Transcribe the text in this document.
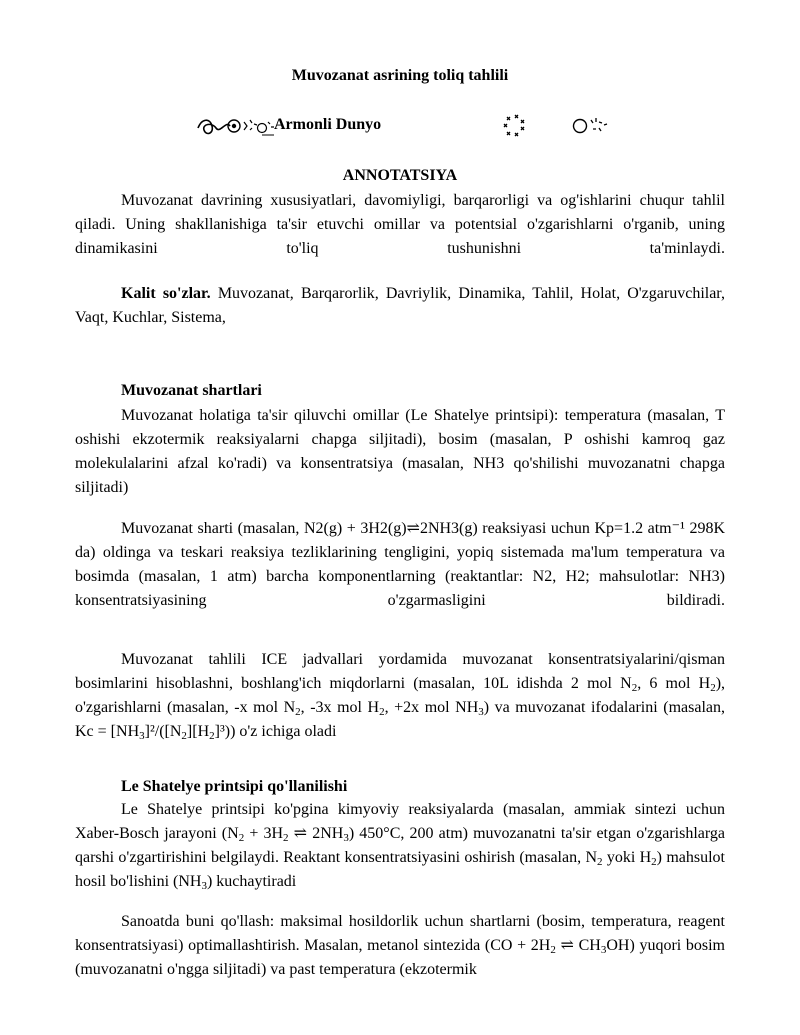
Muvozanat asrining toliq tahlili
Armonli Dunyo
ANNOTATSIYA
Muvozanat davrining xususiyatlari, davomiyligi, barqarorligi va og'ishlarini chuqur tahlil qiladi. Uning shakllanishiga ta'sir etuvchi omillar va potentsial o'zgarishlarni o'rganib, uning dinamikasini to'liq tushunishni ta'minlaydi.
Kalit so'zlar. Muvozanat, Barqarorlik, Davriylik, Dinamika, Tahlil, Holat, O'zgaruvchilar, Vaqt, Kuchlar, Sistema,
Muvozanat shartlari
Muvozanat holatiga ta'sir qiluvchi omillar (Le Shatelye printsipi): temperatura (masalan, T oshishi ekzotermik reaksiyalarni chapga siljitadi), bosim (masalan, P oshishi kamroq gaz molekulalarini afzal ko'radi) va konsentratsiya (masalan, NH3 qo'shilishi muvozanatni chapga siljitadi)
Muvozanat sharti (masalan, N2(g) + 3H2(g)⇌2NH3(g) reaksiyasi uchun Kp=1.2 atm⁻¹ 298K da) oldinga va teskari reaksiya tezliklarining tengligini, yopiq sistemada ma'lum temperatura va bosimda (masalan, 1 atm) barcha komponentlarning (reaktantlar: N2, H2; mahsulotlar: NH3) konsentratsiyasining o'zgarmasligini bildiradi.
Muvozanat tahlili ICE jadvallari yordamida muvozanat konsentratsiyalarini/qisman bosimlarini hisoblashni, boshlang'ich miqdorlarni (masalan, 10L idishda 2 mol $N_2$, 6 mol $H_2$), o'zgarishlarni (masalan, -x mol $N_2$, -3x mol $H_2$, +2x mol $NH_3$) va muvozanat ifodalarini (masalan, $Kc = [NH_3]^2/([N_2][H_2]^3)$) o'z ichiga oladi
Le Shatelye printsipi qo'llanilishi
Le Shatelye printsipi ko'pgina kimyoviy reaksiyalarda (masalan, ammiak sintezi uchun Xaber-Bosch jarayoni ($N_2 + 3H_2$ ⇌ $2NH_3$) 450°C, 200 atm) muvozanatni ta'sir etgan o'zgarishlarga qarshi o'zgartirishini belgilaydi. Reaktant konsentratsiyasini oshirish (masalan, $N_2$ yoki $H_2$) mahsulot hosil bo'lishini $(NH_3)$ kuchaytiradi
Sanoatda buni qo'llash: maksimal hosildorlik uchun shartlarni (bosim, temperatura, reagent konsentratsiyasi) optimallashtirish. Masalan, metanol sintezida ($CO + 2H_2$ ⇌ $CH_3OH$) yuqori bosim (muvozanatni o'ngga siljitadi) va past temperatura (ekzotermik
